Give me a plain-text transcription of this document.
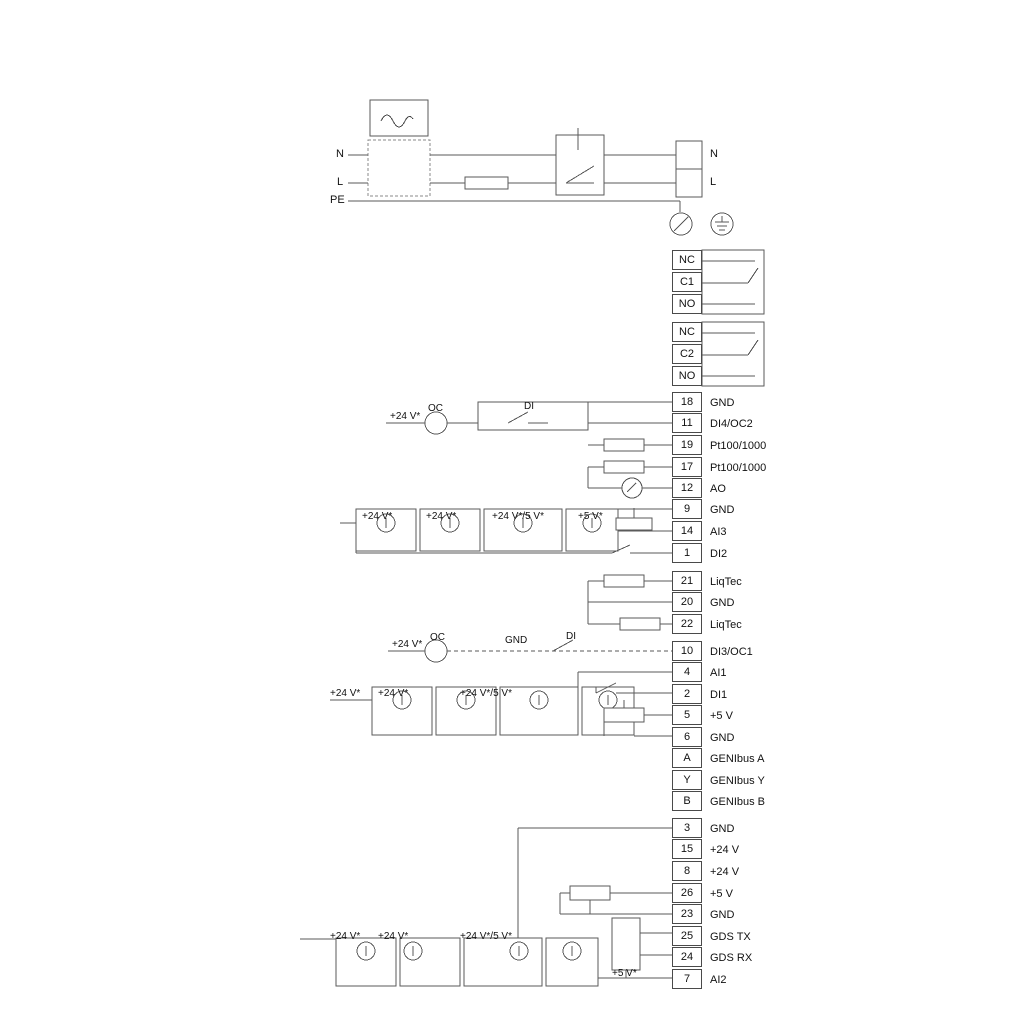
N
L
PE
N
L
NC
C1
NO
NC
C2
NO
18	GND
11	DI4/OC2
19	Pt100/1000
17	Pt100/1000
12	AO
9	GND
14	AI3
1	DI2
21	LiqTec
20	GND
22	LiqTec
10	DI3/OC1
4	AI1
2	DI1
5	+5 V
6	GND
A	GENIbus A
Y	GENIbus Y
B	GENIbus B
3	GND
15	+24 V
8	+24 V
26	+5 V
23	GND
25	GDS TX
24	GDS RX
7	AI2
OC
+24 V*
DI
+24 V*	+24 V*	+24 V*/5 V*	+5 V*
OC
+24 V*	GND	DI
+24 V* +24 V*	+24 V*/5 V*
+24 V* +24 V*	+24 V*/5 V*
+5 V*
